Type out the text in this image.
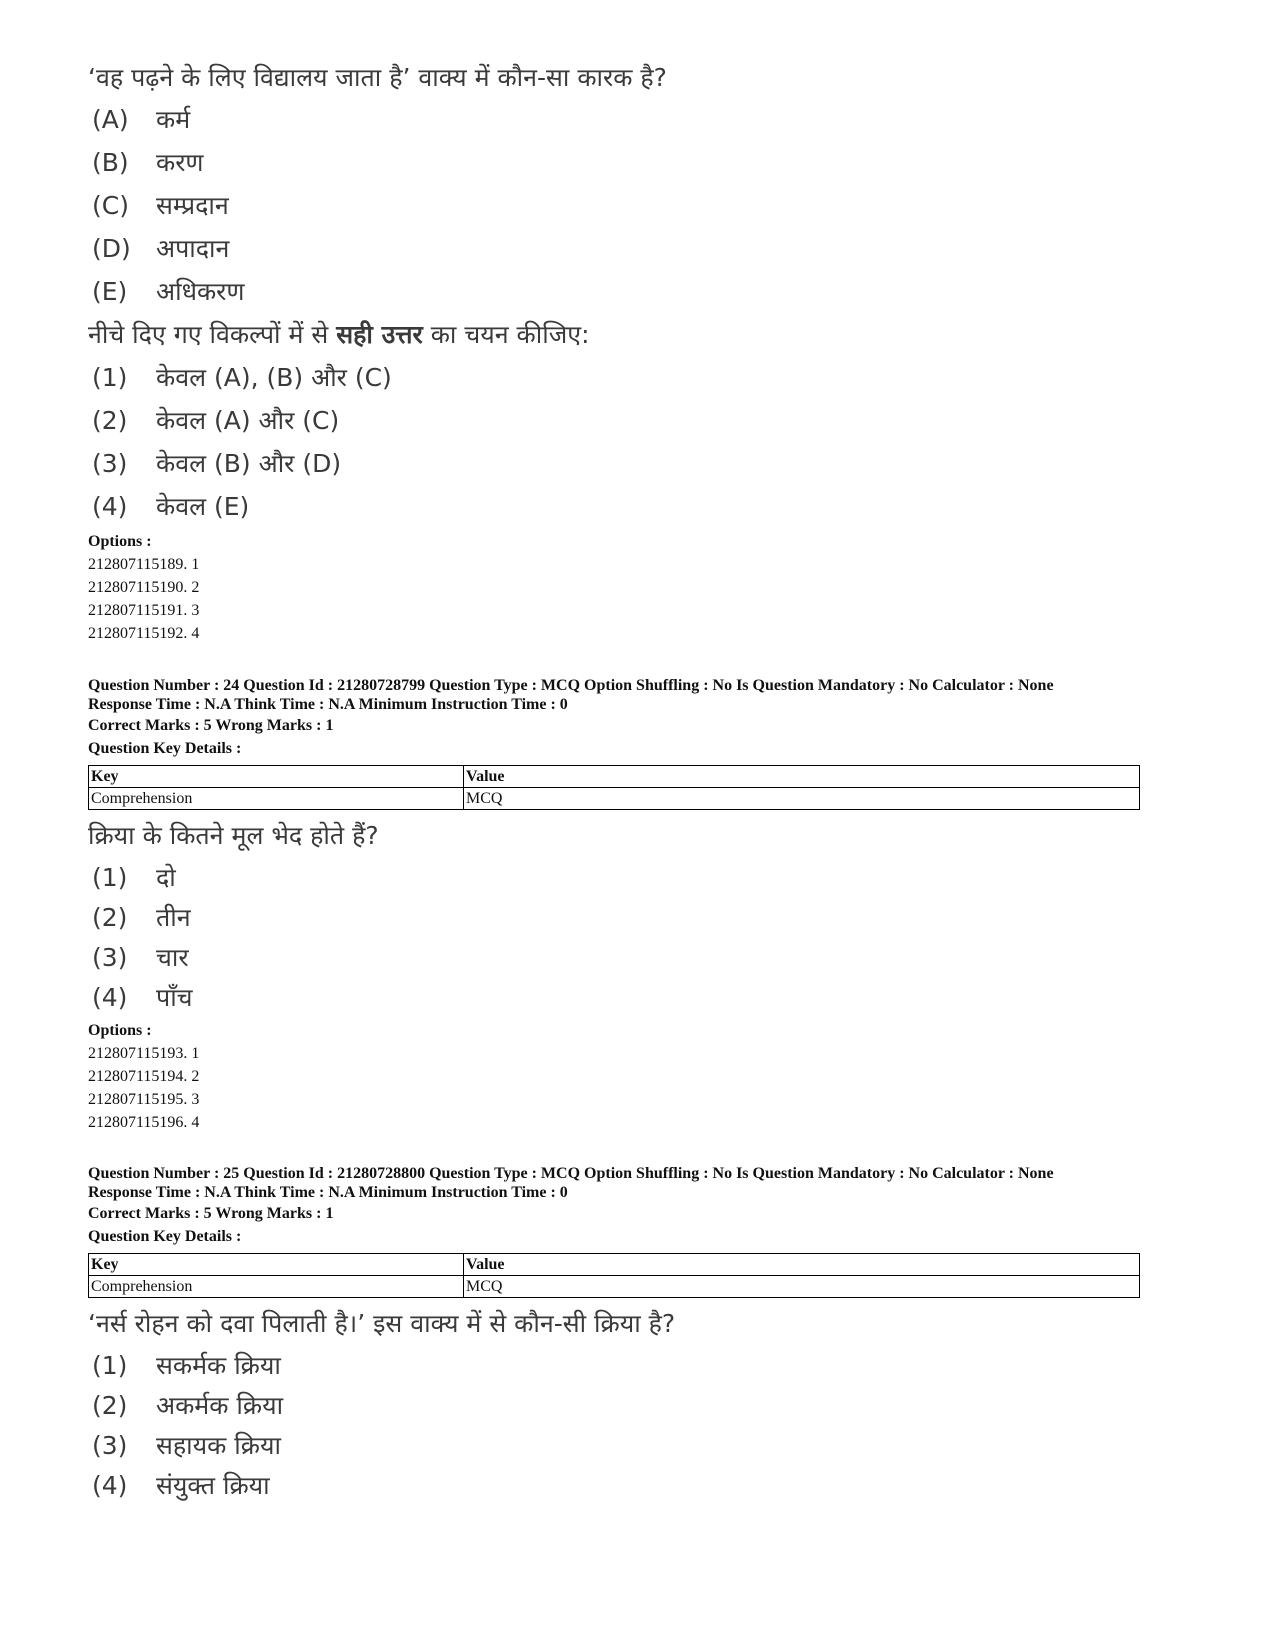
‘वह पढ़ने के लिए विद्यालय जाता है’ वाक्य में कौन-सा कारक है?
(A)	कर्म
(B)	करण
(C)	सम्प्रदान
(D)	अपादान
(E)	अधिकरण
नीचे दिए गए विकल्पों में से सही उत्तर का चयन कीजिए:
(1)	केवल (A), (B) और (C)
(2)	केवल (A) और (C)
(3)	केवल (B) और (D)
(4)	केवल (E)
Options :
212807115189. 1
212807115190. 2
212807115191. 3
212807115192. 4
Question Number : 24 Question Id : 21280728799 Question Type : MCQ Option Shuffling : No Is Question Mandatory : No Calculator : None
Response Time : N.A Think Time : N.A Minimum Instruction Time : 0
Correct Marks : 5 Wrong Marks : 1
Question Key Details :
Key	Value
Comprehension	MCQ
क्रिया के कितने मूल भेद होते हैं?
(1)	दो
(2)	तीन
(3)	चार
(4)	पाँच
Options :
212807115193. 1
212807115194. 2
212807115195. 3
212807115196. 4
Question Number : 25 Question Id : 21280728800 Question Type : MCQ Option Shuffling : No Is Question Mandatory : No Calculator : None
Response Time : N.A Think Time : N.A Minimum Instruction Time : 0
Correct Marks : 5 Wrong Marks : 1
Question Key Details :
Key	Value
Comprehension	MCQ
‘नर्स रोहन को दवा पिलाती है।’ इस वाक्य में से कौन-सी क्रिया है?
(1)	सकर्मक क्रिया
(2)	अकर्मक क्रिया
(3)	सहायक क्रिया
(4)	संयुक्त क्रिया
